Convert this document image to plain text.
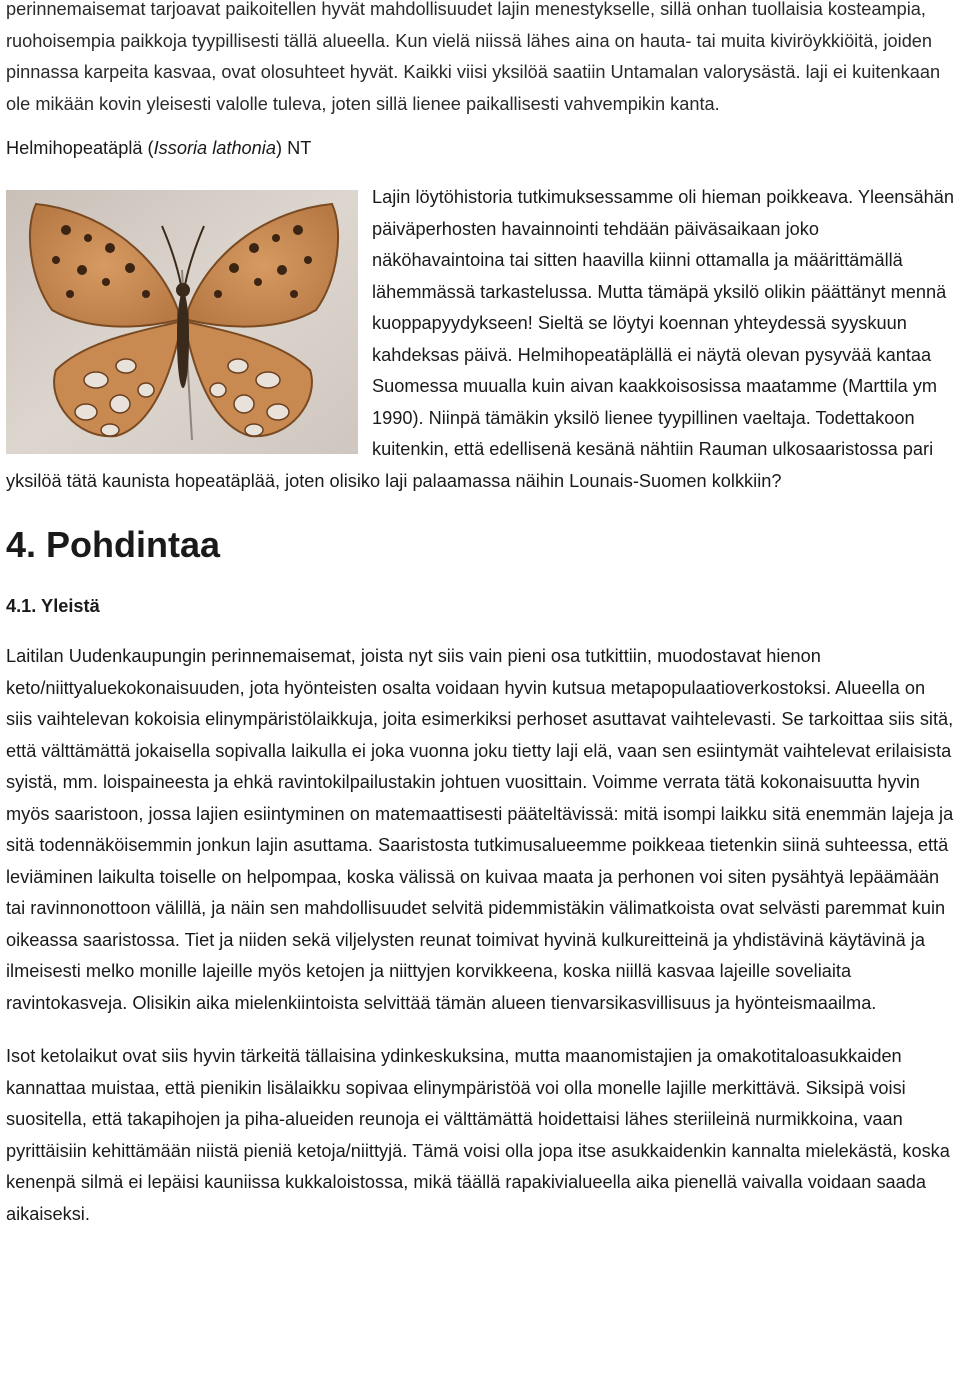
perinnemaisemat tarjoavat paikoitellen hyvät mahdollisuudet lajin menestykselle, sillä onhan tuollaisia kosteampia, ruohoisempia paikkoja tyypillisesti tällä alueella. Kun vielä niissä lähes aina on hauta- tai muita kiviröykkiöitä, joiden pinnassa karpeita kasvaa, ovat olosuhteet hyvät. Kaikki viisi yksilöä saatiin Untamalan valorysästä. laji ei kuitenkaan ole mikään kovin yleisesti valolle tuleva, joten sillä lienee paikallisesti vahvempikin kanta.

Helmihopeatäplä (Issoria lathonia) NT

Lajin löytöhistoria tutkimuksessamme oli hieman poikkeava. Yleensähän päiväperhosten havainnointi tehdään päiväsaikaan joko näköhavaintoina tai sitten haavilla kiinni ottamalla ja määrittämällä lähemmässä tarkastelussa. Mutta tämäpä yksilö olikin päättänyt mennä kuoppapyydykseen! Sieltä se löytyi koennan yhteydessä syyskuun kahdeksas päivä. Helmihopeatäplällä ei näytä olevan pysyvää kantaa Suomessa muualla kuin aivan kaakkoisosissa maatamme (Marttila ym 1990). Niinpä tämäkin yksilö lienee tyypillinen vaeltaja. Todettakoon kuitenkin, että edellisenä kesänä nähtiin Rauman ulkosaaristossa pari yksilöä tätä kaunista hopeatäplää, joten olisiko laji palaamassa näihin Lounais-Suomen kolkkiin?

4. Pohdintaa
4.1. Yleistä

Laitilan Uudenkaupungin perinnemaisemat, joista nyt siis vain pieni osa tutkittiin, muodostavat hienon keto/niittyaluekokonaisuuden, jota hyönteisten osalta voidaan hyvin kutsua metapopulaatioverkostoksi. Alueella on siis vaihtelevan kokoisia elinympäristölaikkuja, joita esimerkiksi perhoset asuttavat vaihtelevasti. Se tarkoittaa siis sitä, että välttämättä jokaisella sopivalla laikulla ei joka vuonna joku tietty laji elä, vaan sen esiintymät vaihtelevat erilaisista syistä, mm. loispaineesta ja ehkä ravintokilpailustakin johtuen vuosittain. Voimme verrata tätä kokonaisuutta hyvin myös saaristoon, jossa lajien esiintyminen on matemaattisesti pääteltävissä: mitä isompi laikku sitä enemmän lajeja ja sitä todennäköisemmin jonkun lajin asuttama. Saaristosta tutkimusalueemme poikkeaa tietenkin siinä suhteessa, että leviäminen laikulta toiselle on helpompaa, koska välissä on kuivaa maata ja perhonen voi siten pysähtyä lepäämään tai ravinnonottoon välillä, ja näin sen mahdollisuudet selvitä pidemmistäkin välimatkoista ovat selvästi paremmat kuin oikeassa saaristossa. Tiet ja niiden sekä viljelysten reunat toimivat hyvinä kulkureitteinä ja yhdistävinä käytävinä ja ilmeisesti melko monille lajeille myös ketojen ja niittyjen korvikkeena, koska niillä kasvaa lajeille soveliaita ravintokasveja. Olisikin aika mielenkiintoista selvittää tämän alueen tienvarsikasvillisuus ja hyönteismaailma.

Isot ketolaikut ovat siis hyvin tärkeitä tällaisina ydinkeskuksina, mutta maanomistajien ja omakotitaloasukkaiden kannattaa muistaa, että pienikin lisälaikku sopivaa elinympäristöä voi olla monelle lajille merkittävä. Siksipä voisi suositella, että takapihojen ja piha-alueiden reunoja ei välttämättä hoidettaisi lähes steriileinä nurmikkoina, vaan pyrittäisiin kehittämään niistä pieniä ketoja/niittyjä. Tämä voisi olla jopa itse asukkaidenkin kannalta mielekästä, koska kenenpä silmä ei lepäisi kauniissa kukkaloistossa, mikä täällä rapakivialueella aika pienellä vaivalla voidaan saada aikaiseksi.
